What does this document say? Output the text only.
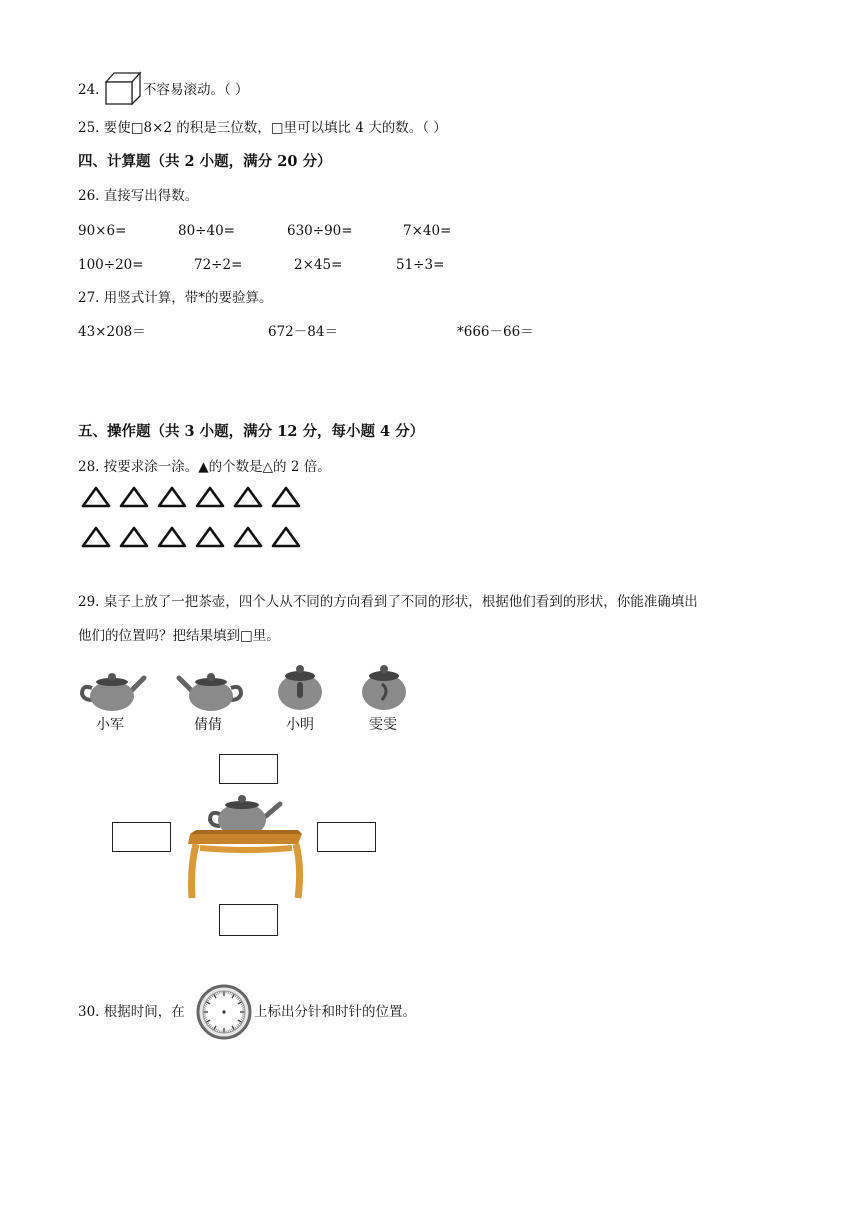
24.	不容易滚动。（ ）
25. 要使□8×2 的积是三位数，□里可以填比 4 大的数。（ ）
四、计算题（共 2 小题，满分 20 分）
26. 直接写出得数。
90×6=	80÷40=	630÷90=	7×40=
100÷20=	72÷2=	2×45=	51÷3=
27. 用竖式计算，带*的要验算。
43×208＝	672－84＝	*666－66＝
五、操作题（共 3 小题，满分 12 分，每小题 4 分）
28. 按要求涂一涂。▲的个数是△的 2 倍。
29. 桌子上放了一把茶壶，四个人从不同的方向看到了不同的形状，根据他们看到的形状，你能准确填出
他们的位置吗？把结果填到□里。
小军	倩倩	小明	雯雯
30. 根据时间，在	上标出分针和时针的位置。
